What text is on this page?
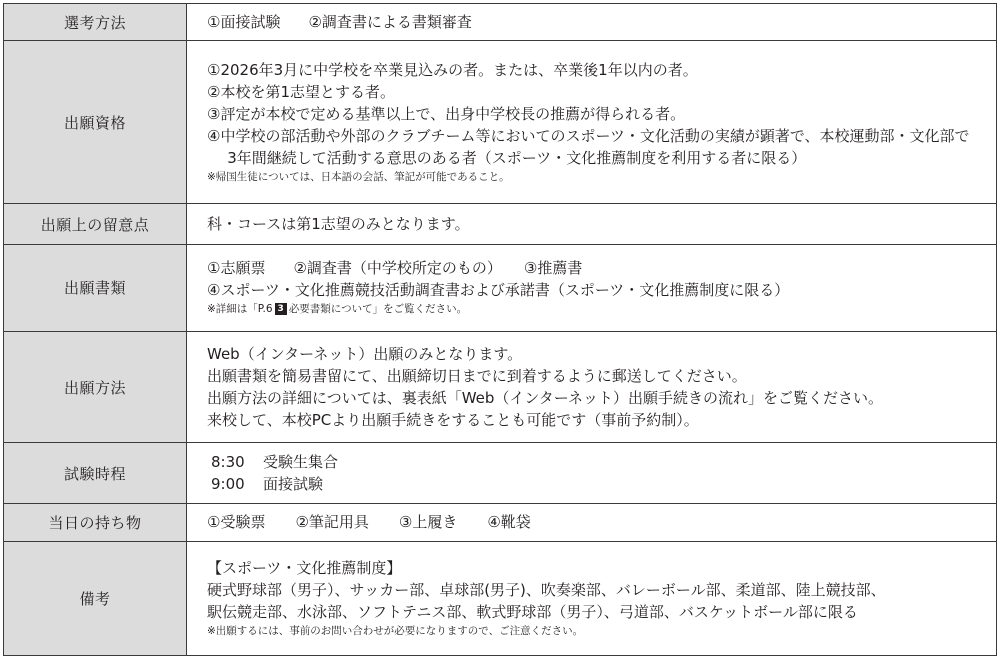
選考方法	①面接試験 ②調査書による書類審査

出願資格	①2026年3月に中学校を卒業見込みの者。または、卒業後1年以内の者。
②本校を第1志望とする者。
③評定が本校で定める基準以上で、出身中学校長の推薦が得られる者。
④中学校の部活動や外部のクラブチーム等においてのスポーツ・文化活動の実績が顕著で、本校運動部・文化部で3年間継続して活動する意思のある者（スポーツ・文化推薦制度を利用する者に限る）
※帰国生徒については、日本語の会話、筆記が可能であること。

出願上の留意点	科・コースは第1志望のみとなります。

出願書類	①志願票 ②調査書（中学校所定のもの） ③推薦書
④スポーツ・文化推薦競技活動調査書および承諾書（スポーツ・文化推薦制度に限る）
※詳細は「P.6 3 必要書類について」をご覧ください。

出願方法	Web（インターネット）出願のみとなります。
出願書類を簡易書留にて、出願締切日までに到着するように郵送してください。
出願方法の詳細については、裏表紙「Web（インターネット）出願手続きの流れ」をご覧ください。
来校して、本校PCより出願手続きをすることも可能です（事前予約制）。

試験時程	8:30 受験生集合
9:00 面接試験

当日の持ち物	①受験票 ②筆記用具 ③上履き ④靴袋

備考	【スポーツ・文化推薦制度】
硬式野球部（男子）、サッカー部、卓球部(男子)、吹奏楽部、バレーボール部、柔道部、陸上競技部、
駅伝競走部、水泳部、ソフトテニス部、軟式野球部（男子）、弓道部、バスケットボール部に限る
※出願するには、事前のお問い合わせが必要になりますので、ご注意ください。
